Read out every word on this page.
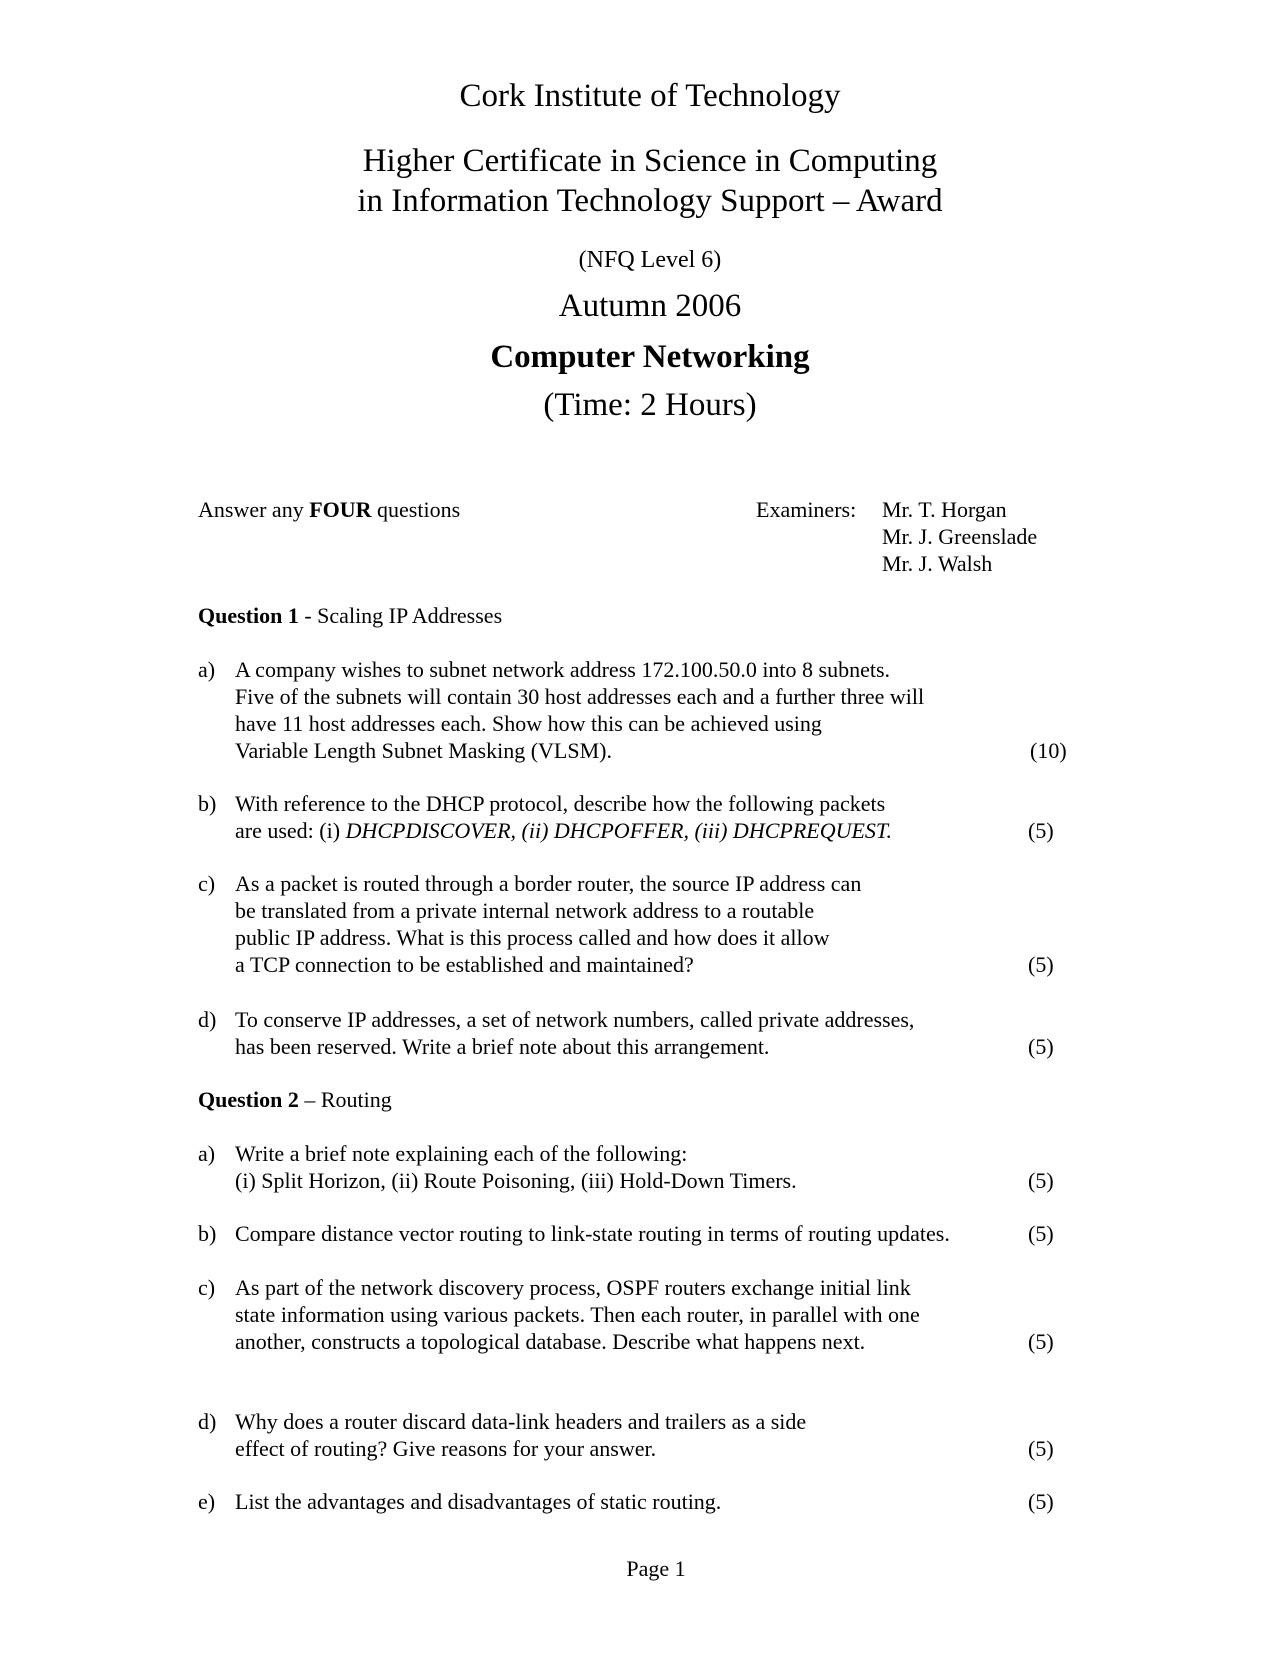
Cork Institute of Technology
Higher Certificate in Science in Computing
in Information Technology Support – Award
(NFQ Level 6)
Autumn 2006
Computer Networking
(Time: 2 Hours)
Answer any FOUR questions	Examiners: Mr. T. Horgan
Mr. J. Greenslade
Mr. J. Walsh
Question 1 - Scaling IP Addresses
a) A company wishes to subnet network address 172.100.50.0 into 8 subnets.
Five of the subnets will contain 30 host addresses each and a further three will
have 11 host addresses each. Show how this can be achieved using
Variable Length Subnet Masking (VLSM).	(10)
b) With reference to the DHCP protocol, describe how the following packets
are used: (i) DHCPDISCOVER, (ii) DHCPOFFER, (iii) DHCPREQUEST.	(5)
c) As a packet is routed through a border router, the source IP address can
be translated from a private internal network address to a routable
public IP address. What is this process called and how does it allow
a TCP connection to be established and maintained?	(5)
d) To conserve IP addresses, a set of network numbers, called private addresses,
has been reserved. Write a brief note about this arrangement.	(5)
Question 2 – Routing
a) Write a brief note explaining each of the following:
(i) Split Horizon, (ii) Route Poisoning, (iii) Hold-Down Timers.	(5)
b) Compare distance vector routing to link-state routing in terms of routing updates.	(5)
c) As part of the network discovery process, OSPF routers exchange initial link
state information using various packets. Then each router, in parallel with one
another, constructs a topological database. Describe what happens next.	(5)
d) Why does a router discard data-link headers and trailers as a side
effect of routing? Give reasons for your answer.	(5)
e) List the advantages and disadvantages of static routing.	(5)
Page 1
